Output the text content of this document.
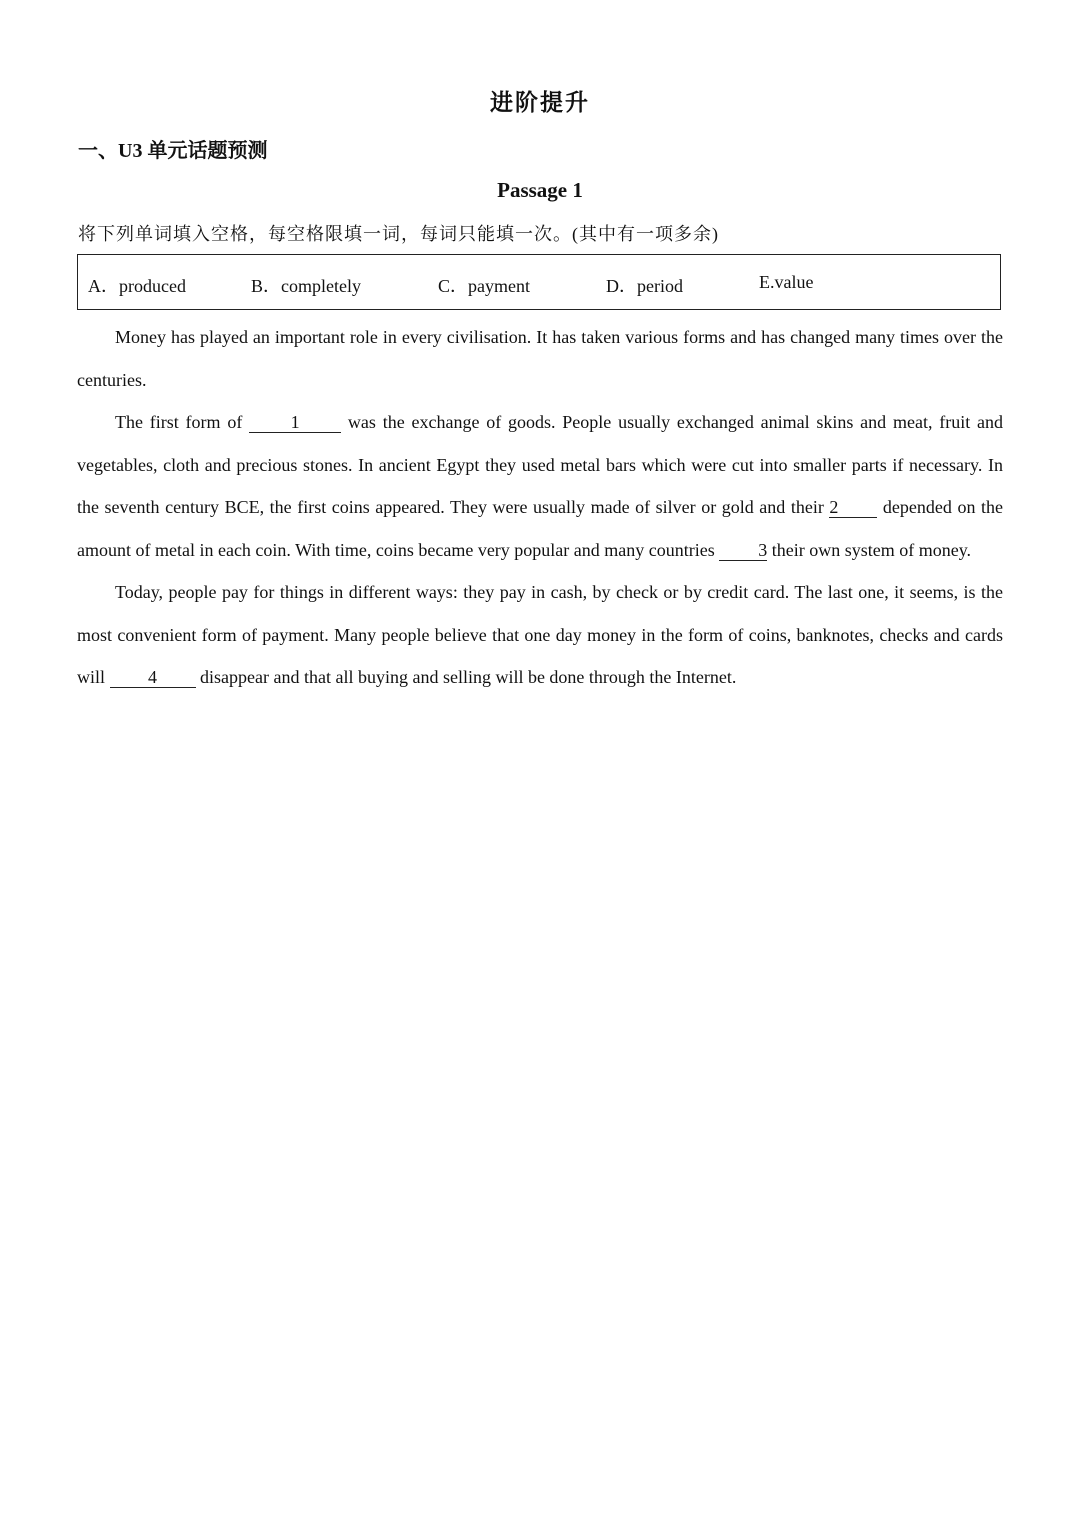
进阶提升
一、U3 单元话题预测
Passage 1
将下列单词填入空格，每空格限填一词，每词只能填一次。(其中有一项多余)
A．produced	B．completely	C．payment	D．period	E.value

Money has played an important role in every civilisation. It has taken various forms and has changed many times over the centuries.

The first form of 1 was the exchange of goods. People usually exchanged animal skins and meat, fruit and vegetables, cloth and precious stones. In ancient Egypt they used metal bars which were cut into smaller parts if necessary. In the seventh century BCE, the first coins appeared. They were usually made of silver or gold and their 2 depended on the amount of metal in each coin. With time, coins became very popular and many countries 3 their own system of money.

Today, people pay for things in different ways: they pay in cash, by check or by credit card. The last one, it seems, is the most convenient form of payment. Many people believe that one day money in the form of coins, banknotes, checks and cards will 4 disappear and that all buying and selling will be done through the Internet.
